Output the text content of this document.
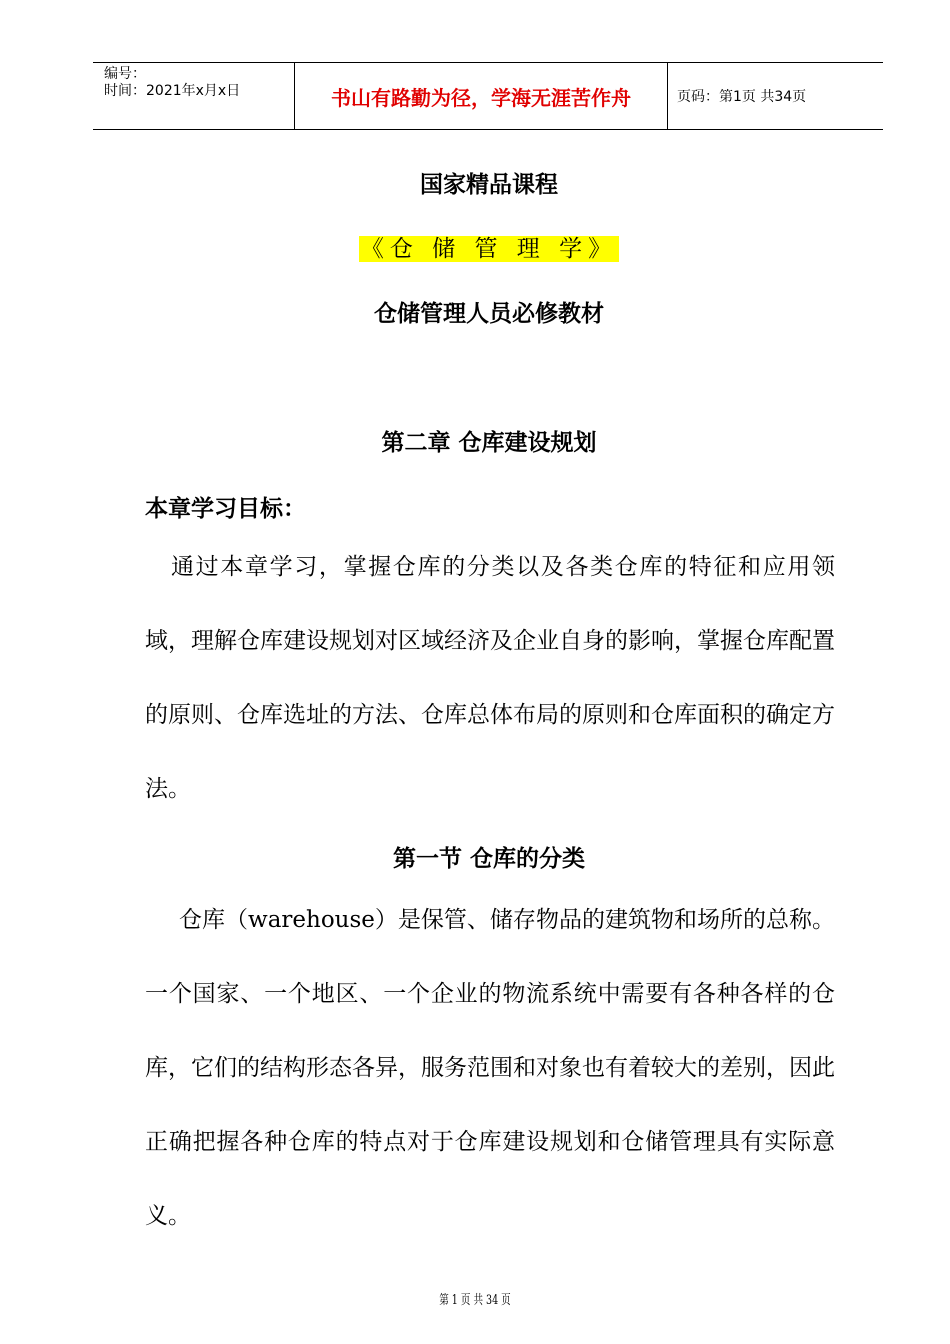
编号：
时间：2021年x月x日	书山有路勤为径，学海无涯苦作舟	页码：第1页 共34页
国家精品课程
《仓 储 管 理 学》
仓储管理人员必修教材
第二章 仓库建设规划
本章学习目标：
通过本章学习，掌握仓库的分类以及各类仓库的特征和应用领域，理解仓库建设规划对区域经济及企业自身的影响，掌握仓库配置的原则、仓库选址的方法、仓库总体布局的原则和仓库面积的确定方法。
第一节 仓库的分类
仓库（warehouse）是保管、储存物品的建筑物和场所的总称。一个国家、一个地区、一个企业的物流系统中需要有各种各样的仓库，它们的结构形态各异，服务范围和对象也有着较大的差别，因此正确把握各种仓库的特点对于仓库建设规划和仓储管理具有实际意义。
第 1 页 共 34 页
